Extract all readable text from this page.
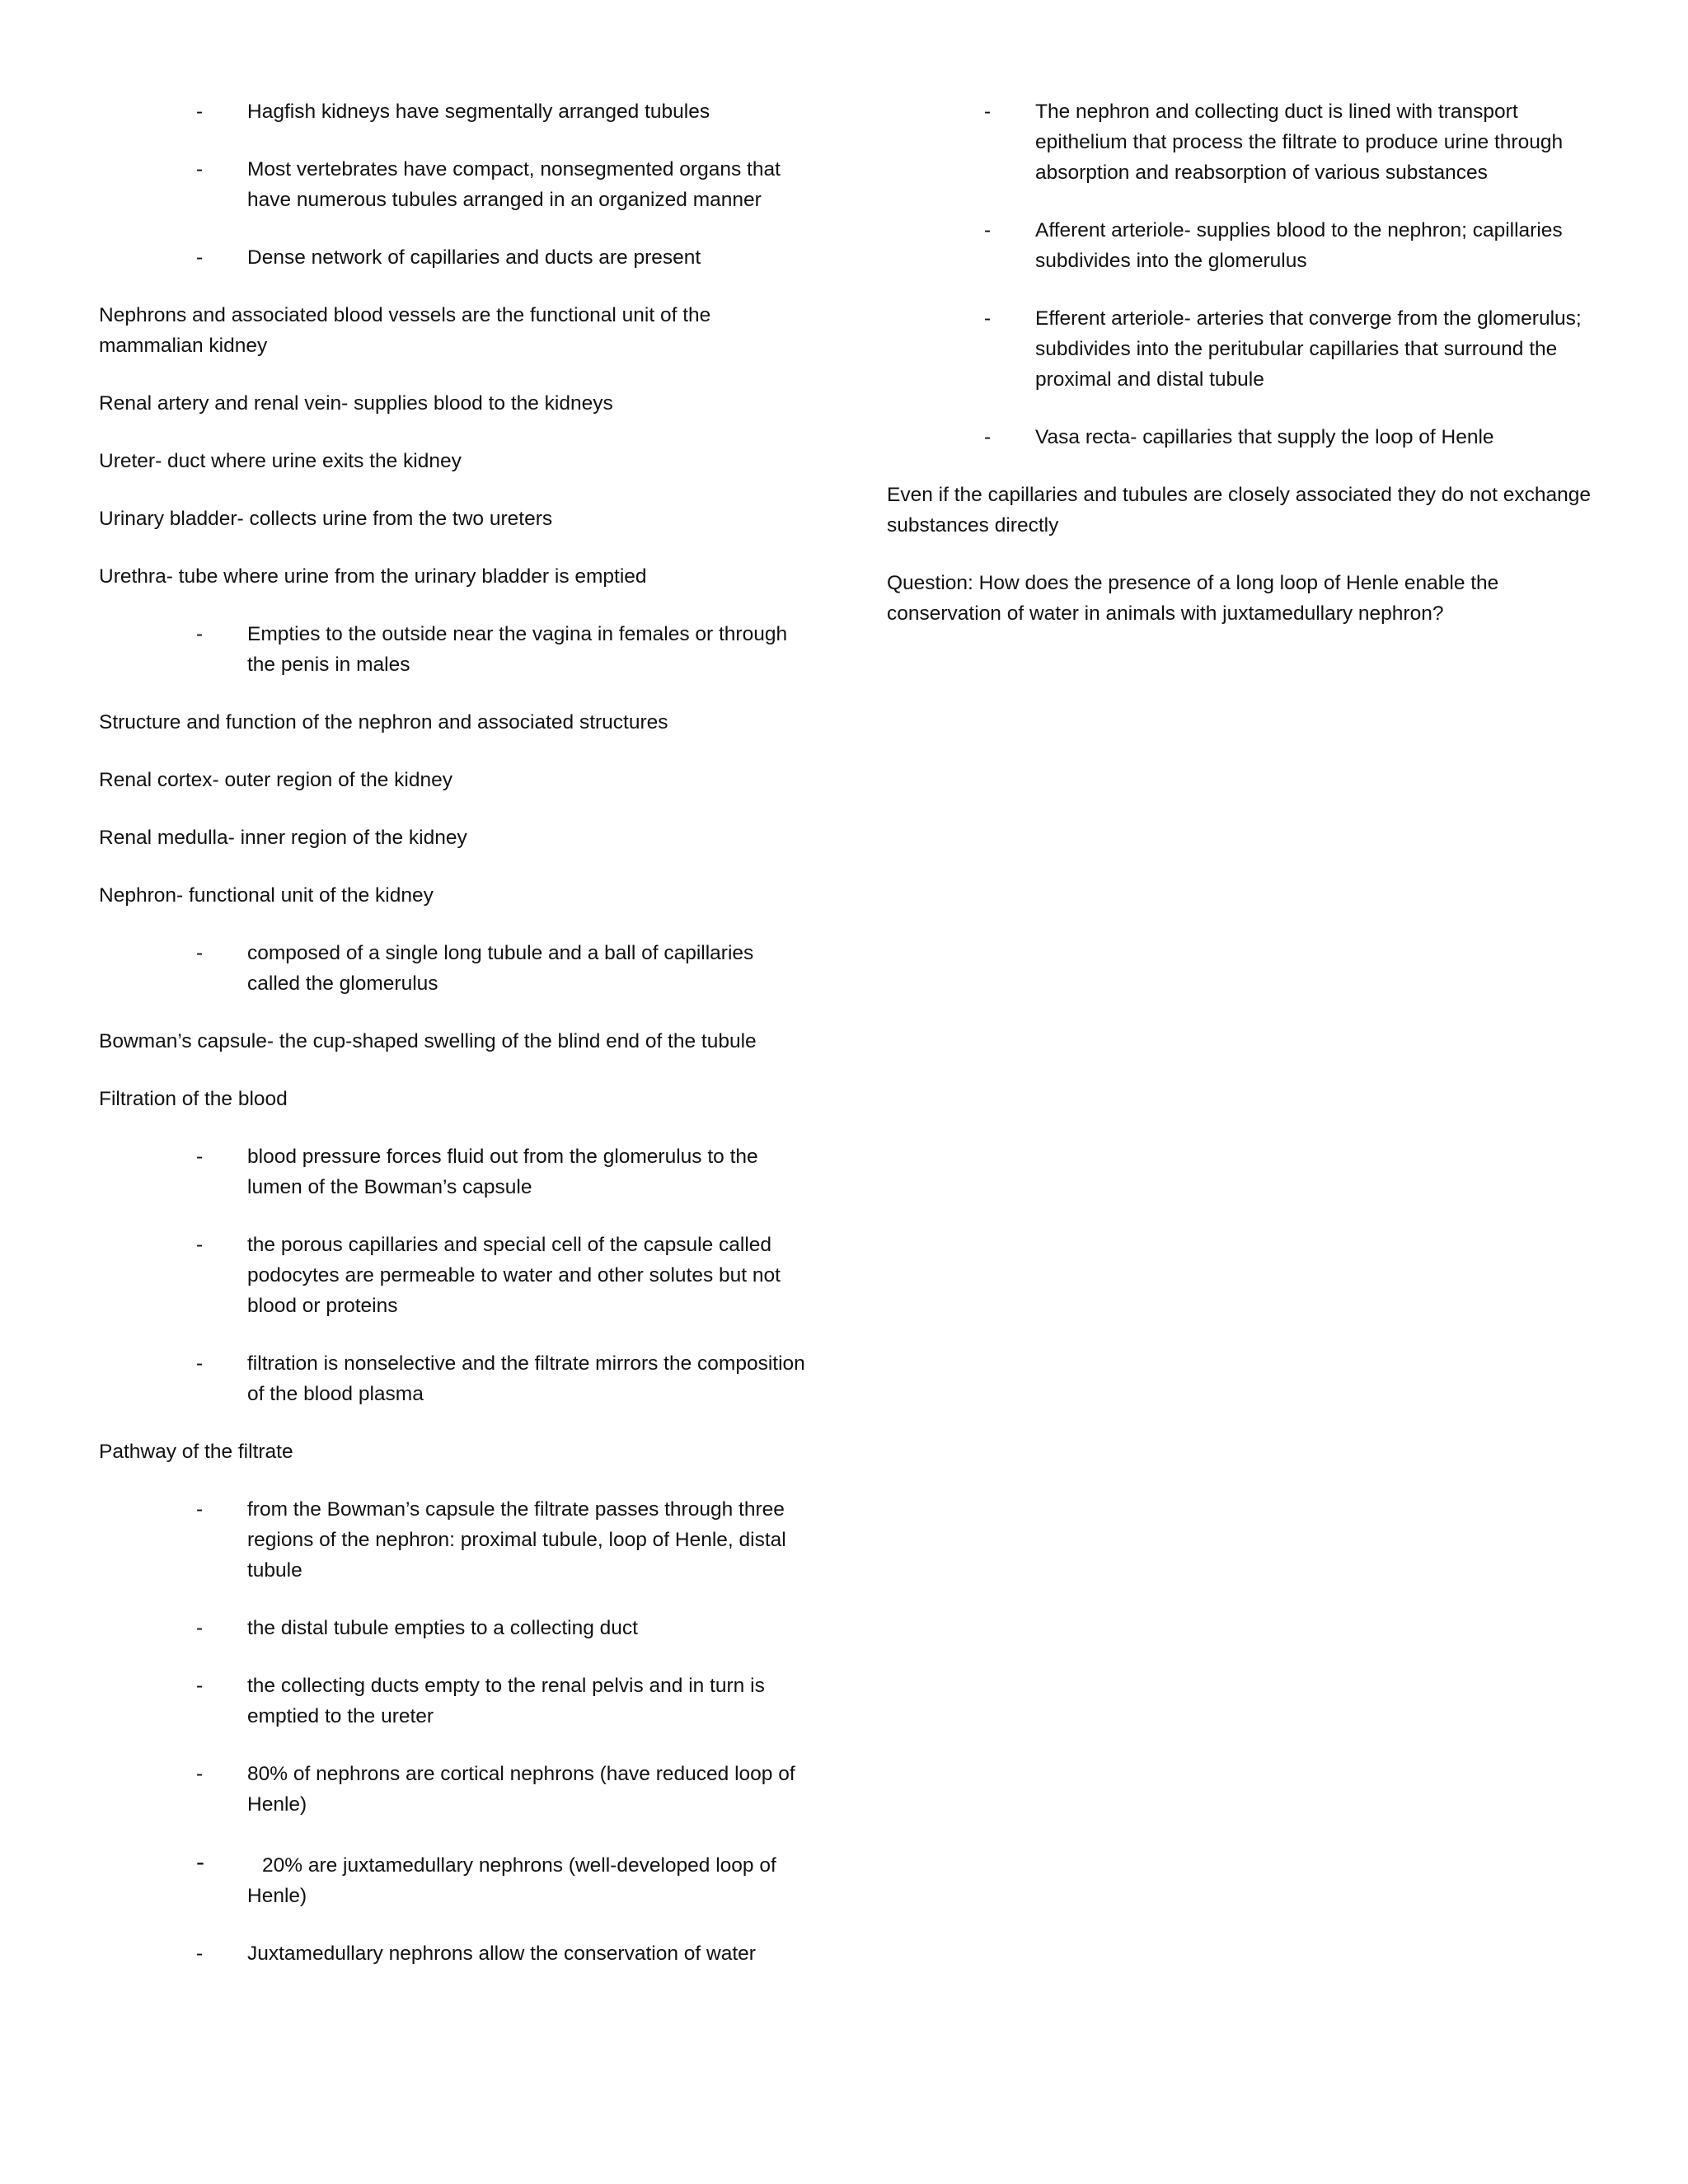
- Hagfish kidneys have segmentally arranged tubules
- Most vertebrates have compact, nonsegmented organs that have numerous tubules arranged in an organized manner
- Dense network of capillaries and ducts are present

Nephrons and associated blood vessels are the functional unit of the mammalian kidney

Renal artery and renal vein- supplies blood to the kidneys

Ureter- duct where urine exits the kidney

Urinary bladder- collects urine from the two ureters

Urethra- tube where urine from the urinary bladder is emptied

- Empties to the outside near the vagina in females or through the penis in males

Structure and function of the nephron and associated structures

Renal cortex- outer region of the kidney

Renal medulla- inner region of the kidney

Nephron- functional unit of the kidney

- composed of a single long tubule and a ball of capillaries called the glomerulus

Bowman’s capsule- the cup-shaped swelling of the blind end of the tubule

Filtration of the blood

- blood pressure forces fluid out from the glomerulus to the lumen of the Bowman’s capsule
- the porous capillaries and special cell of the capsule called podocytes are permeable to water and other solutes but not blood or proteins
- filtration is nonselective and the filtrate mirrors the composition of the blood plasma

Pathway of the filtrate

- from the Bowman’s capsule the filtrate passes through three regions of the nephron: proximal tubule, loop of Henle, distal tubule
- the distal tubule empties to a collecting duct
- the collecting ducts empty to the renal pelvis and in turn is emptied to the ureter
- 80% of nephrons are cortical nephrons (have reduced loop of Henle)
-	20% are juxtamedullary nephrons (well-developed loop of Henle)
- Juxtamedullary nephrons allow the conservation of water
- The nephron and collecting duct is lined with transport epithelium that process the filtrate to produce urine through absorption and reabsorption of various substances
- Afferent arteriole- supplies blood to the nephron; capillaries subdivides into the glomerulus
- Efferent arteriole- arteries that converge from the glomerulus; subdivides into the peritubular capillaries that surround the proximal and distal tubule
- Vasa recta- capillaries that supply the loop of Henle

Even if the capillaries and tubules are closely associated they do not exchange substances directly

Question: How does the presence of a long loop of Henle enable the conservation of water in animals with juxtamedullary nephron?
